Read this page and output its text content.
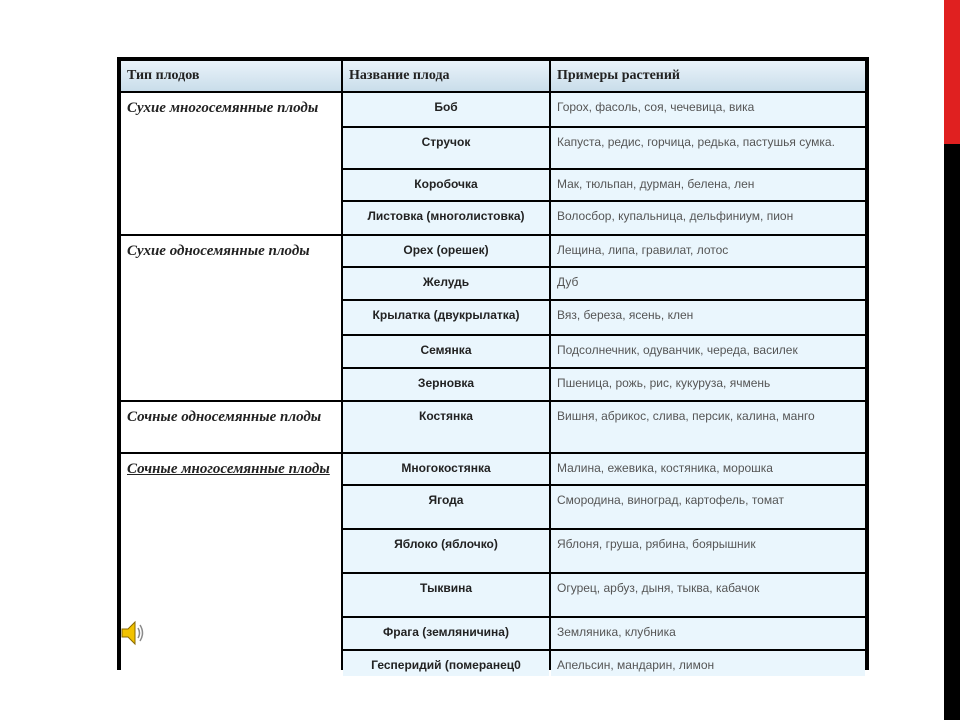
Тип плодов	Название плода	Примеры растений
Сухие многосемянные плоды	Боб	Горох, фасоль, соя, чечевица, вика
	Стручок	Капуста, редис, горчица, редька, пастушья сумка.
	Коробочка	Мак, тюльпан, дурман, белена, лен
	Листовка (многолистовка)	Волосбор, купальница, дельфиниум, пион
Сухие односемянные плоды	Орех (орешек)	Лещина, липа, гравилат, лотос
	Желудь	Дуб
	Крылатка (двукрылатка)	Вяз, береза, ясень, клен
	Семянка	Подсолнечник, одуванчик, череда, василек
	Зерновка	Пшеница, рожь, рис, кукуруза, ячмень
Сочные односемянные плоды	Костянка	Вишня, абрикос, слива, персик, калина, манго
Сочные многосемянные плоды	Многокостянка	Малина, ежевика, костяника, морошка
	Ягода	Смородина, виноград, картофель, томат
	Яблоко (яблочко)	Яблоня, груша, рябина, боярышник
	Тыквина	Огурец, арбуз, дыня, тыква, кабачок
	Фрага (земляничина)	Земляника, клубника
	Гесперидий (померанец0	Апельсин, мандарин, лимон
